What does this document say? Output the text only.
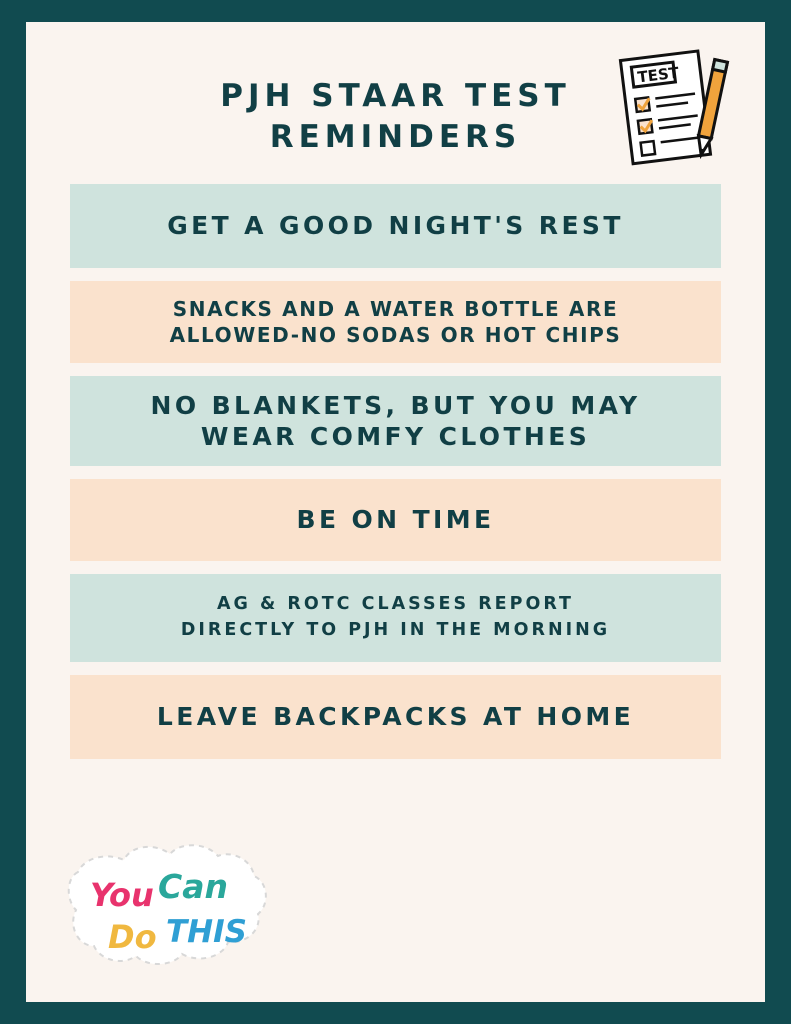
PJH STAAR TEST
REMINDERS
TEST
GET A GOOD NIGHT'S REST
SNACKS AND A WATER BOTTLE ARE
ALLOWED-NO SODAS OR HOT CHIPS
NO BLANKETS, BUT YOU MAY
WEAR COMFY CLOTHES
BE ON TIME
AG & ROTC CLASSES REPORT
DIRECTLY TO PJH IN THE MORNING
LEAVE BACKPACKS AT HOME
You Can
Do THIS
